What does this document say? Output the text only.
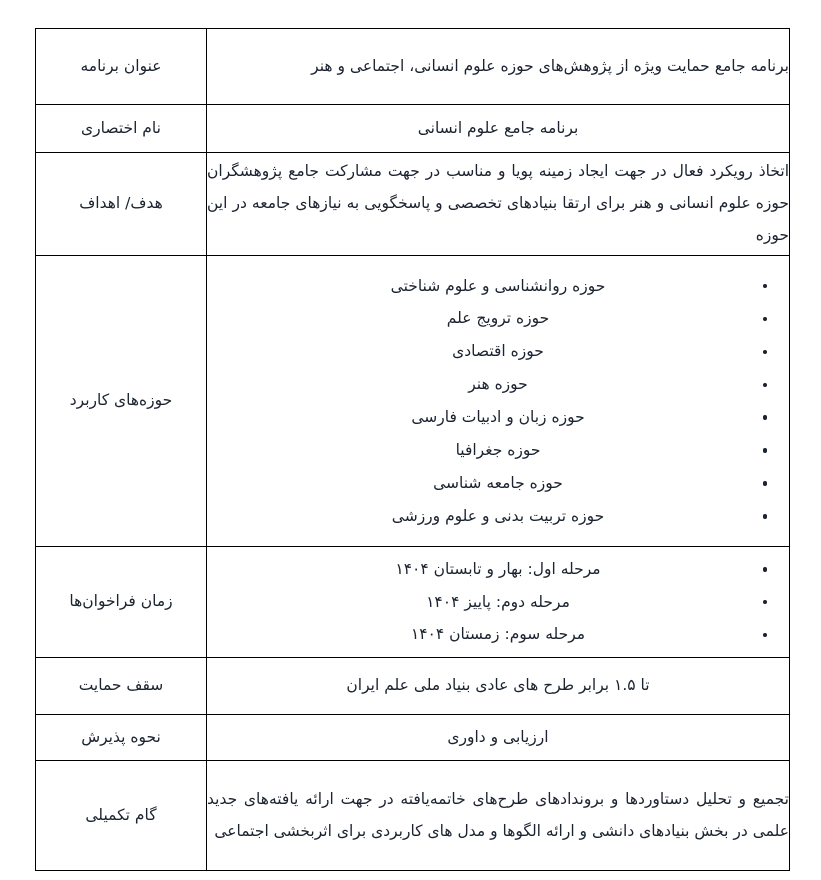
برنامه جامع حمایت ویژه از پژوهش‌های حوزه علوم انسانی، اجتماعی و هنر	عنوان برنامه

برنامه جامع علوم انسانی	نام اختصاری

اتخاذ رویکرد فعال در جهت ایجاد زمینه پویا و مناسب در جهت مشارکت جامع پژوهشگران حوزه علوم انسانی و هنر برای ارتقا بنیادهای تخصصی و پاسخگویی به نیازهای جامعه در این حوزه	هدف/ اهداف

حوزه روانشناسی و علوم شناختی
حوزه ترویج علم
حوزه اقتصادی
حوزه هنر
حوزه زبان و ادبیات فارسی
حوزه جغرافیا
حوزه جامعه شناسی
حوزه تربیت بدنی و علوم ورزشی
	حوزه‌های کاربرد

مرحله اول: بهار و تابستان ۱۴۰۴
مرحله دوم: پاییز ۱۴۰۴
مرحله سوم: زمستان ۱۴۰۴
	زمان فراخوان‌ها

تا ۱.۵ برابر طرح های عادی بنیاد ملی علم ایران	سقف حمایت

ارزیابی و داوری	نحوه پذیرش

تجمیع و تحلیل دستاوردها و بروندادهای طرح‌های خاتمه‌یافته در جهت ارائه یافته‌های جدید علمی در بخش بنیادهای دانشی و ارائه الگوها و مدل های کاربردی برای اثربخشی اجتماعی	گام تکمیلی
